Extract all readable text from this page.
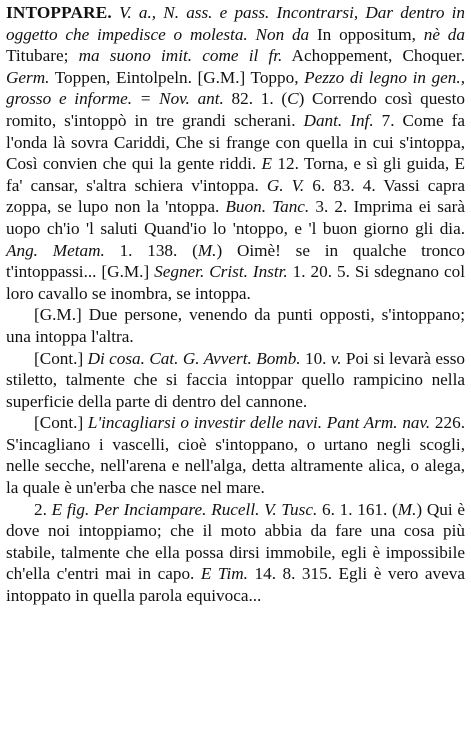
INTOPPARE. V. a., N. ass. e pass. Incontrarsi, Dar dentro in oggetto che impedisce o molesta. Non da In oppositum, nè da Titubare; ma suono imit. come il fr. Achoppement, Choquer. Germ. Toppen, Eintolpeln. [G.M.] Toppo, Pezzo di legno in gen., grosso e informe. = Nov. ant. 82. 1. (C) Correndo così questo romito, s'intoppò in tre grandi scherani. Dant. Inf. 7. Come fa l'onda là sovra Cariddi, Che si frange con quella in cui s'intoppa, Così convien che qui la gente riddi. E 12. Torna, e sì gli guida, E fa' cansar, s'altra schiera v'intoppa. G. V. 6. 83. 4. Vassi capra zoppa, se lupo non la 'ntoppa. Buon. Tanc. 3. 2. Imprima ei sarà uopo ch'io 'l saluti Quand'io lo 'ntoppo, e 'l buon giorno gli dia. Ang. Metam. 1. 138. (M.) Oimè! se in qualche tronco t'intoppassi... [G.M.] Segner. Crist. Instr. 1. 20. 5. Si sdegnano col loro cavallo se inombra, se intoppa.

[G.M.] Due persone, venendo da punti opposti, s'intoppano; una intoppa l'altra.

[Cont.] Di cosa. Cat. G. Avvert. Bomb. 10. v. Poi si levarà esso stiletto, talmente che si faccia intoppar quello rampicino nella superficie della parte di dentro del cannone.

[Cont.] L'incagliarsi o investir delle navi. Pant Arm. nav. 226. S'incagliano i vascelli, cioè s'intoppano, o urtano negli scogli, nelle secche, nell'arena e nell'alga, detta altramente alica, o alega, la quale è un'erba che nasce nel mare.

2. E fig. Per Inciampare. Rucell. V. Tusc. 6. 1. 161. (M.) Qui è dove noi intoppiamo; che il moto abbia da fare una cosa più stabile, talmente che ella possa dirsi immobile, egli è impossibile ch'ella c'entri mai in capo. E Tim. 14. 8. 315. Egli è vero aveva intoppato in quella parola equivoca...
